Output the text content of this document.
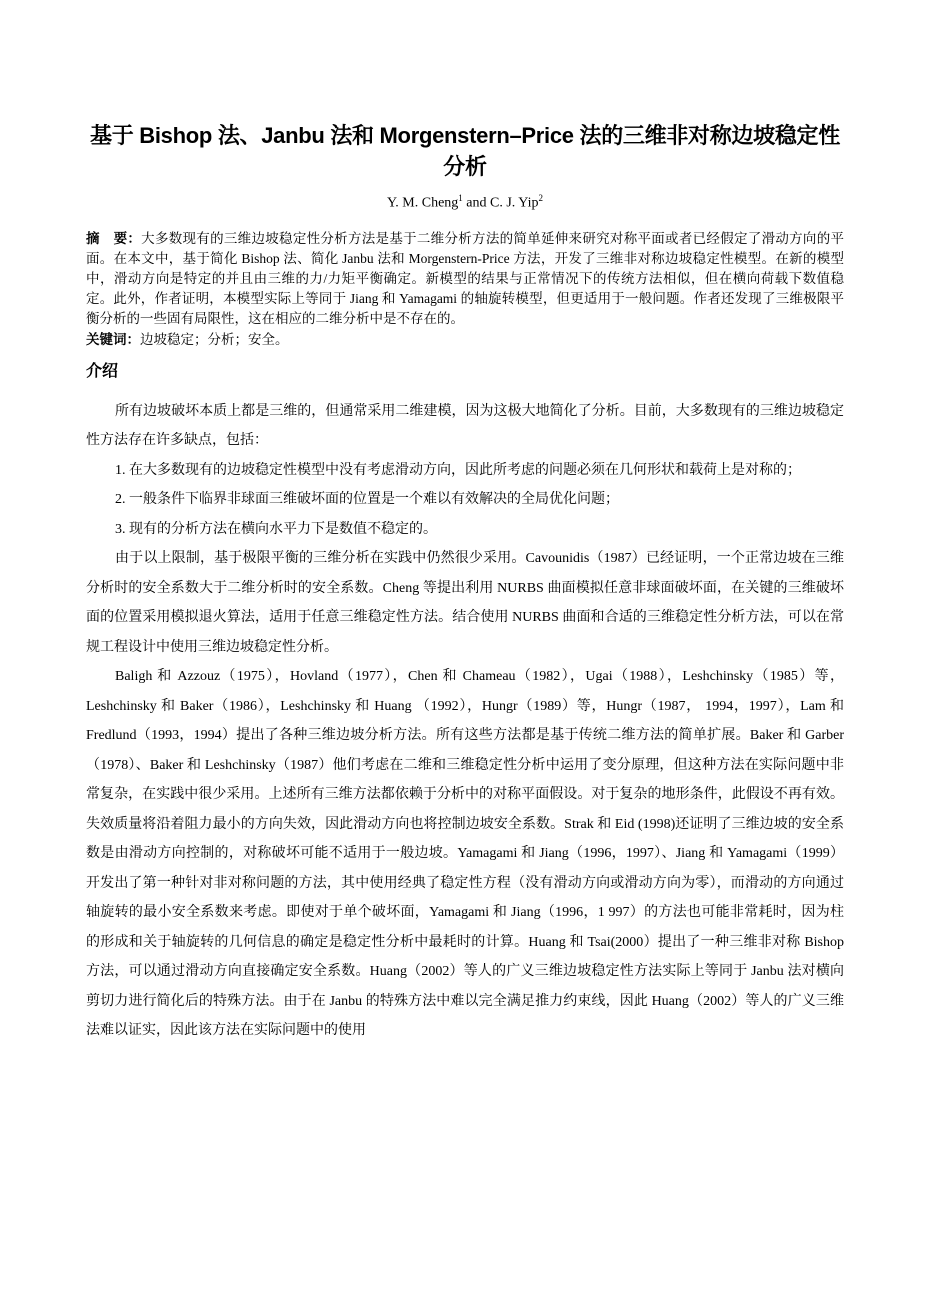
基于 Bishop 法、Janbu 法和 Morgenstern–Price 法的三维非对称边坡稳定性分析
Y. M. Cheng$^1$ and C. J. Yip$^2$
摘　要：大多数现有的三维边坡稳定性分析方法是基于二维分析方法的简单延伸来研究对称平面或者已经假定了滑动方向的平面。在本文中，基于简化 Bishop 法、简化 Janbu 法和 Morgenstern-Price 方法，开发了三维非对称边坡稳定性模型。在新的模型中，滑动方向是特定的并且由三维的力/力矩平衡确定。新模型的结果与正常情况下的传统方法相似，但在横向荷载下数值稳定。此外，作者证明，本模型实际上等同于 Jiang 和 Yamagami 的轴旋转模型，但更适用于一般问题。作者还发现了三维极限平衡分析的一些固有局限性，这在相应的二维分析中是不存在的。
关键词：边坡稳定；分析；安全。
介绍

所有边坡破坏本质上都是三维的，但通常采用二维建模，因为这极大地简化了分析。目前，大多数现有的三维边坡稳定性方法存在许多缺点，包括：

1. 在大多数现有的边坡稳定性模型中没有考虑滑动方向，因此所考虑的问题必须在几何形状和载荷上是对称的；

2. 一般条件下临界非球面三维破坏面的位置是一个难以有效解决的全局优化问题；

3. 现有的分析方法在横向水平力下是数值不稳定的。

由于以上限制，基于极限平衡的三维分析在实践中仍然很少采用。Cavounidis（1987）已经证明，一个正常边坡在三维分析时的安全系数大于二维分析时的安全系数。Cheng 等提出利用 NURBS 曲面模拟任意非球面破坏面，在关键的三维破坏面的位置采用模拟退火算法，适用于任意三维稳定性方法。结合使用 NURBS 曲面和合适的三维稳定性分析方法，可以在常规工程设计中使用三维边坡稳定性分析。

Baligh 和 Azzouz（1975），Hovland（1977），Chen 和 Chameau（1982），Ugai（1988），Leshchinsky（1985）等，Leshchinsky 和 Baker（1986），Leshchinsky 和 Huang （1992），Hungr（1989）等，Hungr（1987， 1994，1997），Lam 和 Fredlund（1993，1994）提出了各种三维边坡分析方法。所有这些方法都是基于传统二维方法的简单扩展。Baker 和 Garber（1978）、Baker 和 Leshchinsky（1987）他们考虑在二维和三维稳定性分析中运用了变分原理，但这种方法在实际问题中非常复杂，在实践中很少采用。上述所有三维方法都依赖于分析中的对称平面假设。对于复杂的地形条件，此假设不再有效。失效质量将沿着阻力最小的方向失效，因此滑动方向也将控制边坡安全系数。Strak 和 Eid (1998)还证明了三维边坡的安全系数是由滑动方向控制的，对称破坏可能不适用于一般边坡。Yamagami 和 Jiang（1996，1997）、Jiang 和 Yamagami（1999）开发出了第一种针对非对称问题的方法，其中使用经典了稳定性方程（没有滑动方向或滑动方向为零），而滑动的方向通过轴旋转的最小安全系数来考虑。即使对于单个破坏面，Yamagami 和 Jiang（1996，1 997）的方法也可能非常耗时，因为柱的形成和关于轴旋转的几何信息的确定是稳定性分析中最耗时的计算。Huang 和 Tsai(2000）提出了一种三维非对称 Bishop 方法，可以通过滑动方向直接确定安全系数。Huang（2002）等人的广义三维边坡稳定性方法实际上等同于 Janbu 法对横向剪切力进行简化后的特殊方法。由于在 Janbu 的特殊方法中难以完全满足推力约束线，因此 Huang（2002）等人的广义三维法难以证实，因此该方法在实际问题中的使用
